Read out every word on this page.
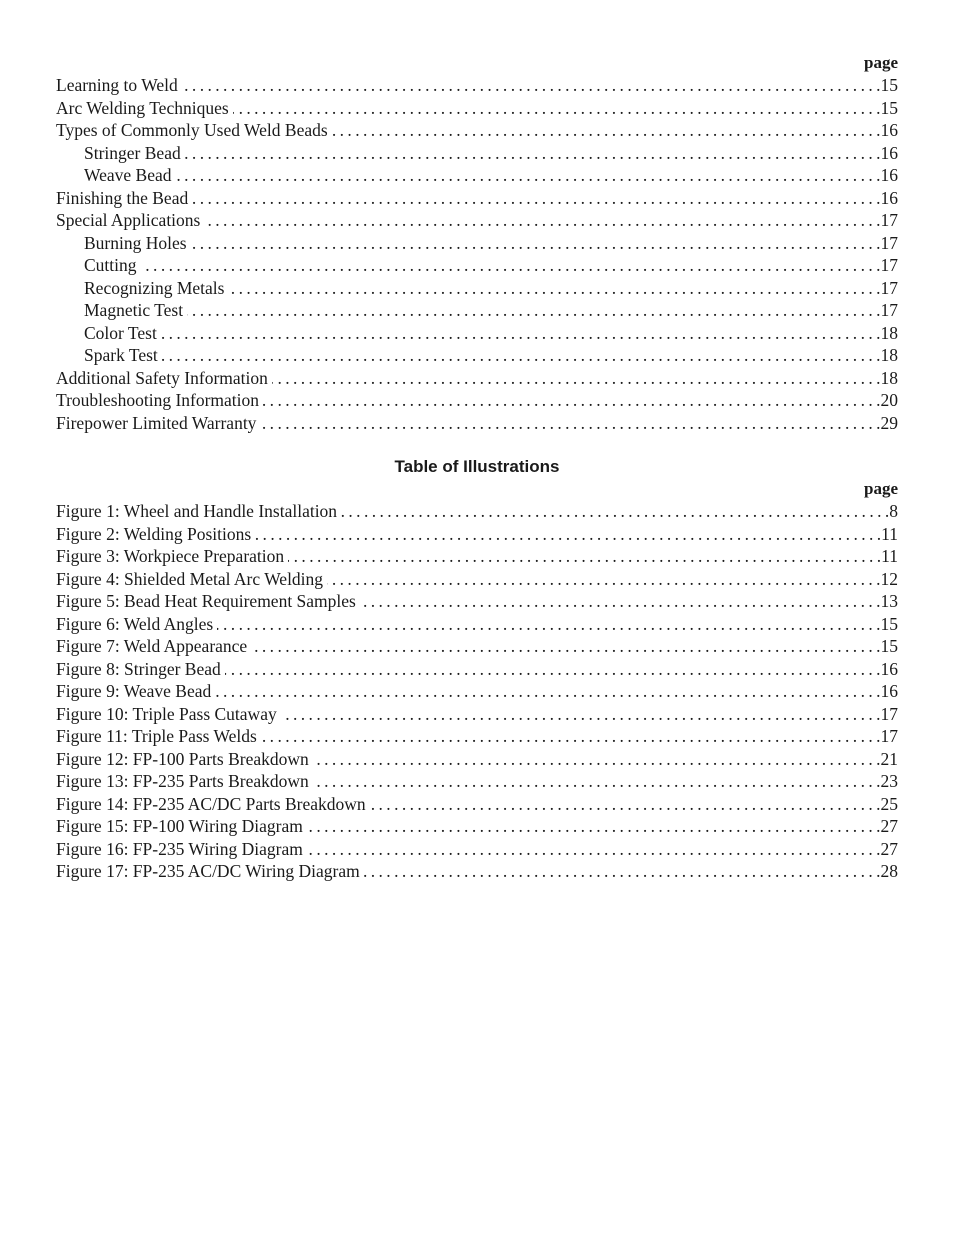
page
Learning to Weld .....	.15
Arc Welding Techniques .....	.15
Types of Commonly Used Weld Beads .....	.16
Stringer Bead .....	.16
Weave Bead .....	.16
Finishing the Bead .....	.16
Special Applications .....	.17
Burning Holes .....	.17
Cutting .....	.17
Recognizing Metals .....	.17
Magnetic Test .....	.17
Color Test .....	.18
Spark Test .....	.18
Additional Safety Information .....	.18
Troubleshooting Information .....	.20
Firepower Limited Warranty .....	.29
Table of Illustrations
page
Figure 1: Wheel and Handle Installation .....	.8
Figure 2: Welding Positions .....	.11
Figure 3: Workpiece Preparation .....	.11
Figure 4: Shielded Metal Arc Welding .....	.12
Figure 5: Bead Heat Requirement Samples .....	.13
Figure 6: Weld Angles .....	.15
Figure 7: Weld Appearance .....	.15
Figure 8: Stringer Bead .....	.16
Figure 9: Weave Bead .....	.16
Figure 10: Triple Pass Cutaway .....	.17
Figure 11: Triple Pass Welds .....	.17
Figure 12: FP-100 Parts Breakdown .....	.21
Figure 13: FP-235 Parts Breakdown .....	.23
Figure 14: FP-235 AC/DC Parts Breakdown .....	.25
Figure 15: FP-100 Wiring Diagram .....	.27
Figure 16: FP-235 Wiring Diagram .....	.27
Figure 17: FP-235 AC/DC Wiring Diagram .....	.28
